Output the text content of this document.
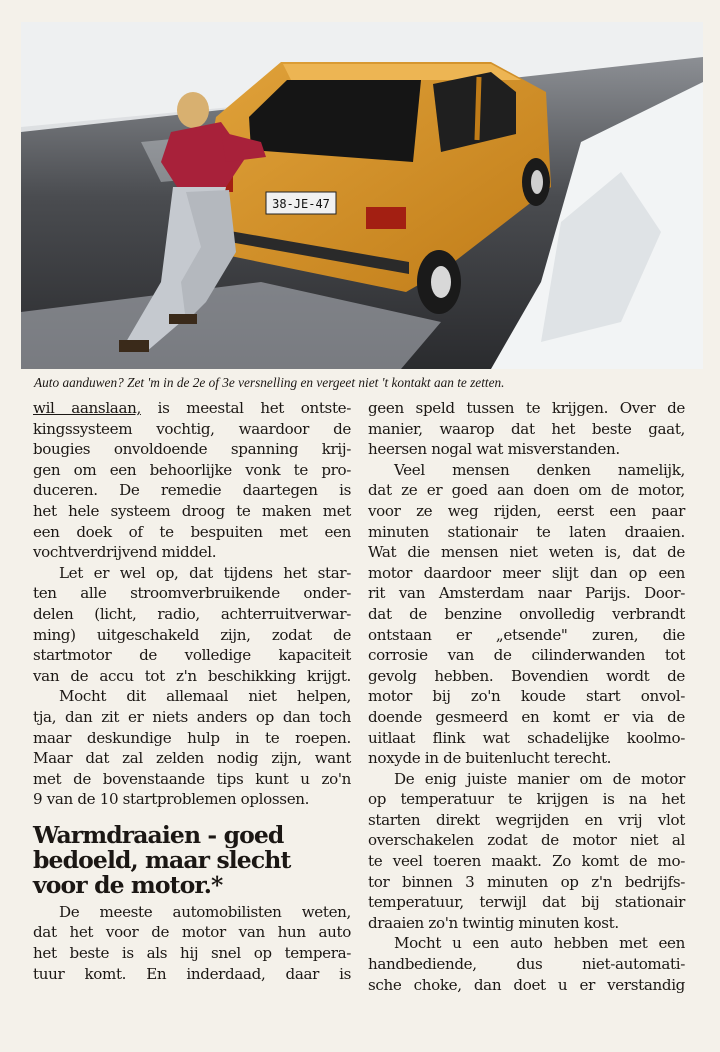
38-JE-47
Auto aanduwen? Zet 'm in de 2e of 3e versnelling en vergeet niet 't kontakt aan te zetten.
wil aanslaan, is meestal het ontste-
kingssysteem vochtig, waardoor de
bougies onvoldoende spanning krij-
gen om een behoorlijke vonk te pro-
duceren. De remedie daartegen is
het hele systeem droog te maken met
een doek of te bespuiten met een
vochtverdrijvend middel.
Let er wel op, dat tijdens het star-
ten alle stroomverbruikende onder-
delen (licht, radio, achterruitverwar-
ming) uitgeschakeld zijn, zodat de
startmotor de volledige kapaciteit
van de accu tot z'n beschikking krijgt.
Mocht dit allemaal niet helpen,
tja, dan zit er niets anders op dan toch
maar deskundige hulp in te roepen.
Maar dat zal zelden nodig zijn, want
met de bovenstaande tips kunt u zo'n
9 van de 10 startproblemen oplossen.
Warmdraaien - goed
bedoeld, maar slecht
voor de motor.*
De meeste automobilisten weten,
dat het voor de motor van hun auto
het beste is als hij snel op tempera-
tuur komt. En inderdaad, daar is
geen speld tussen te krijgen. Over de
manier, waarop dat het beste gaat,
heersen nogal wat misverstanden.
Veel mensen denken namelijk,
dat ze er goed aan doen om de motor,
voor ze weg rijden, eerst een paar
minuten stationair te laten draaien.
Wat die mensen niet weten is, dat de
motor daardoor meer slijt dan op een
rit van Amsterdam naar Parijs. Door-
dat de benzine onvolledig verbrandt
ontstaan er „etsende" zuren, die
corrosie van de cilinderwanden tot
gevolg hebben. Bovendien wordt de
motor bij zo'n koude start onvol-
doende gesmeerd en komt er via de
uitlaat flink wat schadelijke koolmo-
noxyde in de buitenlucht terecht.
De enig juiste manier om de motor
op temperatuur te krijgen is na het
starten direkt wegrijden en vrij vlot
overschakelen zodat de motor niet al
te veel toeren maakt. Zo komt de mo-
tor binnen 3 minuten op z'n bedrijfs-
temperatuur, terwijl dat bij stationair
draaien zo'n twintig minuten kost.
Mocht u een auto hebben met een
handbediende, dus niet-automati-
sche choke, dan doet u er verstandig
